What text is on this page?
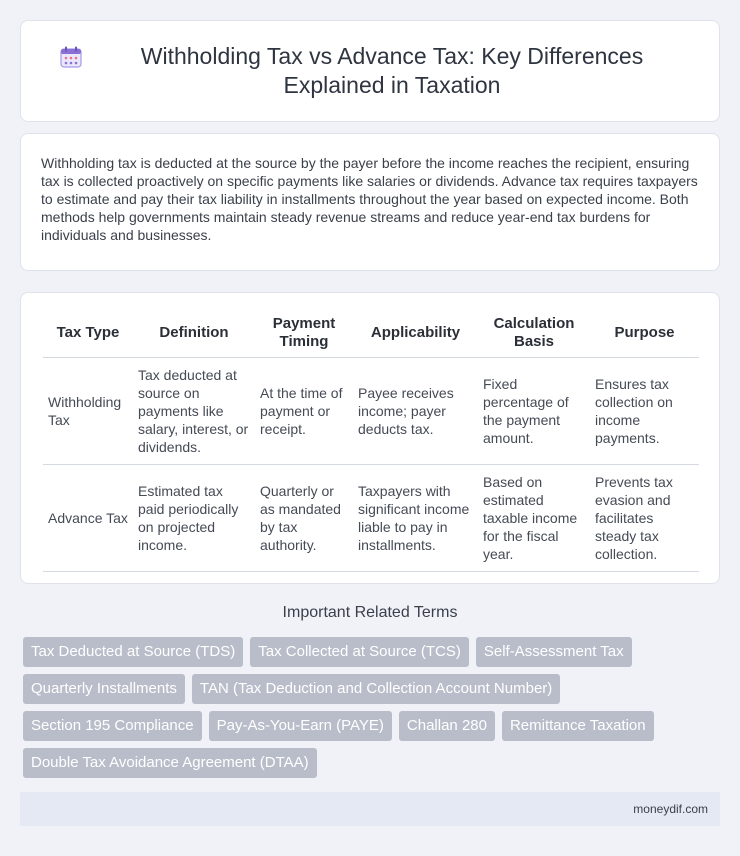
Withholding Tax vs Advance Tax: Key Differences Explained in Taxation

Withholding tax is deducted at the source by the payer before the income reaches the recipient, ensuring tax is collected proactively on specific payments like salaries or dividends. Advance tax requires taxpayers to estimate and pay their tax liability in installments throughout the year based on expected income. Both methods help governments maintain steady revenue streams and reduce year-end tax burdens for individuals and businesses.

Tax Type	Definition	Payment Timing	Applicability	Calculation Basis	Purpose
Withholding Tax	Tax deducted at source on payments like salary, interest, or dividends.	At the time of payment or receipt.	Payee receives income; payer deducts tax.	Fixed percentage of the payment amount.	Ensures tax collection on income payments.
Advance Tax	Estimated tax paid periodically on projected income.	Quarterly or as mandated by tax authority.	Taxpayers with significant income liable to pay in installments.	Based on estimated taxable income for the fiscal year.	Prevents tax evasion and facilitates steady tax collection.
Important Related Terms
Tax Deducted at Source (TDS)	Tax Collected at Source (TCS)	Self-Assessment Tax
Quarterly Installments	TAN (Tax Deduction and Collection Account Number)
Section 195 Compliance	Pay-As-You-Earn (PAYE)	Challan 280	Remittance Taxation
Double Tax Avoidance Agreement (DTAA)
moneydif.com
